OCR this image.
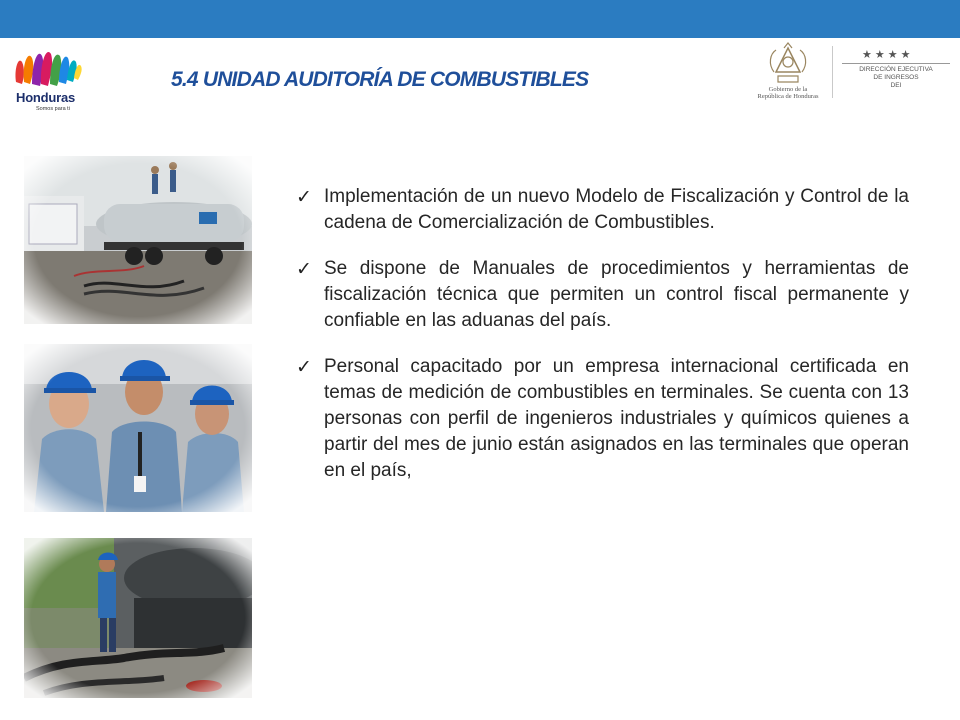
Honduras
Somos para ti
5.4 UNIDAD AUDITORÍA DE COMBUSTIBLES	Gobierno de la
República de Honduras
★★★★
DIRECCIÓN EJECUTIVA
DE INGRESOS
DEI
✓ Implementación de un nuevo Modelo de Fiscalización y Control de la cadena de Comercialización de Combustibles.
✓ Se dispone de Manuales de procedimientos y herramientas de fiscalización técnica que permiten un control fiscal permanente y confiable en las aduanas del país.
✓ Personal capacitado por un empresa internacional certificada en temas de medición de combustibles en terminales. Se cuenta con 13 personas con perfil de ingenieros industriales y químicos quienes a partir del mes de junio están asignados en las terminales que operan en el país,
